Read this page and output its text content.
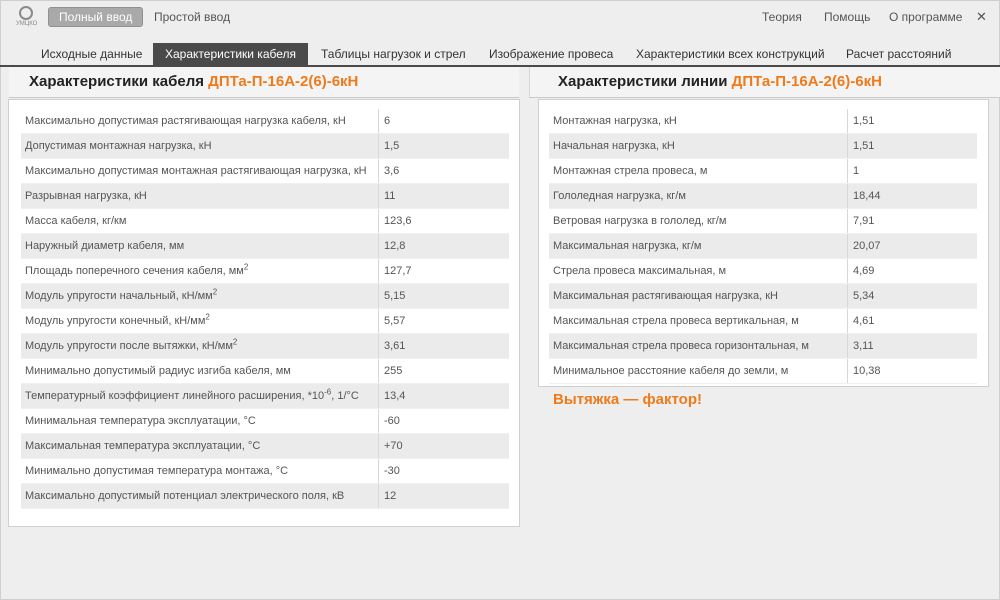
УМЦКО	Полный ввод	Простой ввод	Теория Помощь О программе ✕
Исходные данные	Характеристики кабеля	Таблицы нагрузок и стрел	Изображение провеса	Характеристики всех конструкций	Расчет расстояний
Характеристики кабеля ДПТа-П-16А-2(6)-6кН	Характеристики линии ДПТа-П-16А-2(6)-6кН
Максимально допустимая растягивающая нагрузка кабеля, кН	6
Допустимая монтажная нагрузка, кН	1,5
Максимально допустимая монтажная растягивающая нагрузка, кН	3,6
Разрывная нагрузка, кН	11
Масса кабеля, кг/км	123,6
Наружный диаметр кабеля, мм	12,8
Площадь поперечного сечения кабеля, $мм^2$	127,7
Модуль упругости начальный, $кН/мм^2$	5,15
Модуль упругости конечный, $кН/мм^2$	5,57
Модуль упругости после вытяжки, $кН/мм^2$	3,61
Минимально допустимый радиус изгиба кабеля, мм	255
Температурный коэффициент линейного расширения, $*10^{-6}$, 1/°C	13,4
Минимальная температура эксплуатации, °C	-60
Максимальная температура эксплуатации, °C	+70
Минимально допустимая температура монтажа, °C	-30
Максимально допустимый потенциал электрического поля, кВ	12
Монтажная нагрузка, кН	1,51
Начальная нагрузка, кН	1,51
Монтажная стрела провеса, м	1
Гололедная нагрузка, кг/м	18,44
Ветровая нагрузка в гололед, кг/м	7,91
Максимальная нагрузка, кг/м	20,07
Стрела провеса максимальная, м	4,69
Максимальная растягивающая нагрузка, кН	5,34
Максимальная стрела провеса вертикальная, м	4,61
Максимальная стрела провеса горизонтальная, м	3,11
Минимальное расстояние кабеля до земли, м	10,38
Вытяжка — фактор!
